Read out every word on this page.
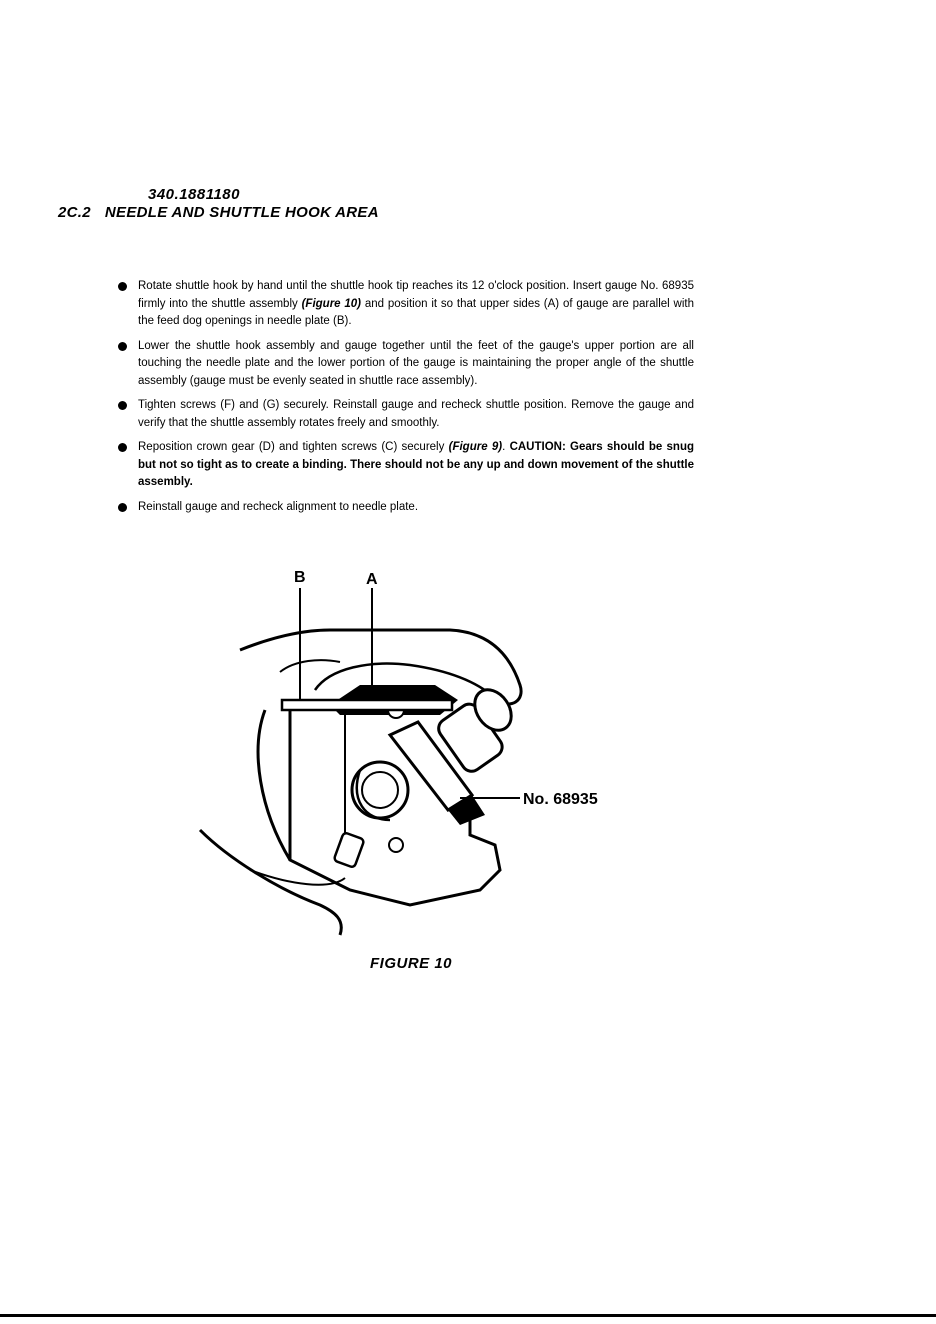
340.1881180
2C.2 NEEDLE AND SHUTTLE HOOK AREA
Rotate shuttle hook by hand until the shuttle hook tip reaches its 12 o'clock position. Insert gauge No. 68935 firmly into the shuttle assembly (Figure 10) and position it so that upper sides (A) of gauge are parallel with the feed dog openings in needle plate (B).
Lower the shuttle hook assembly and gauge together until the feet of the gauge's upper portion are all touching the needle plate and the lower portion of the gauge is maintaining the proper angle of the shuttle assembly (gauge must be evenly seated in shuttle race assembly).
Tighten screws (F) and (G) securely. Reinstall gauge and recheck shuttle position. Remove the gauge and verify that the shuttle assembly rotates freely and smoothly.
Reposition crown gear (D) and tighten screws (C) securely (Figure 9). CAUTION: Gears should be snug but not so tight as to create a binding. There should not be any up and down movement of the shuttle assembly.
Reinstall gauge and recheck alignment to needle plate.
B	A
No. 68935
FIGURE 10
